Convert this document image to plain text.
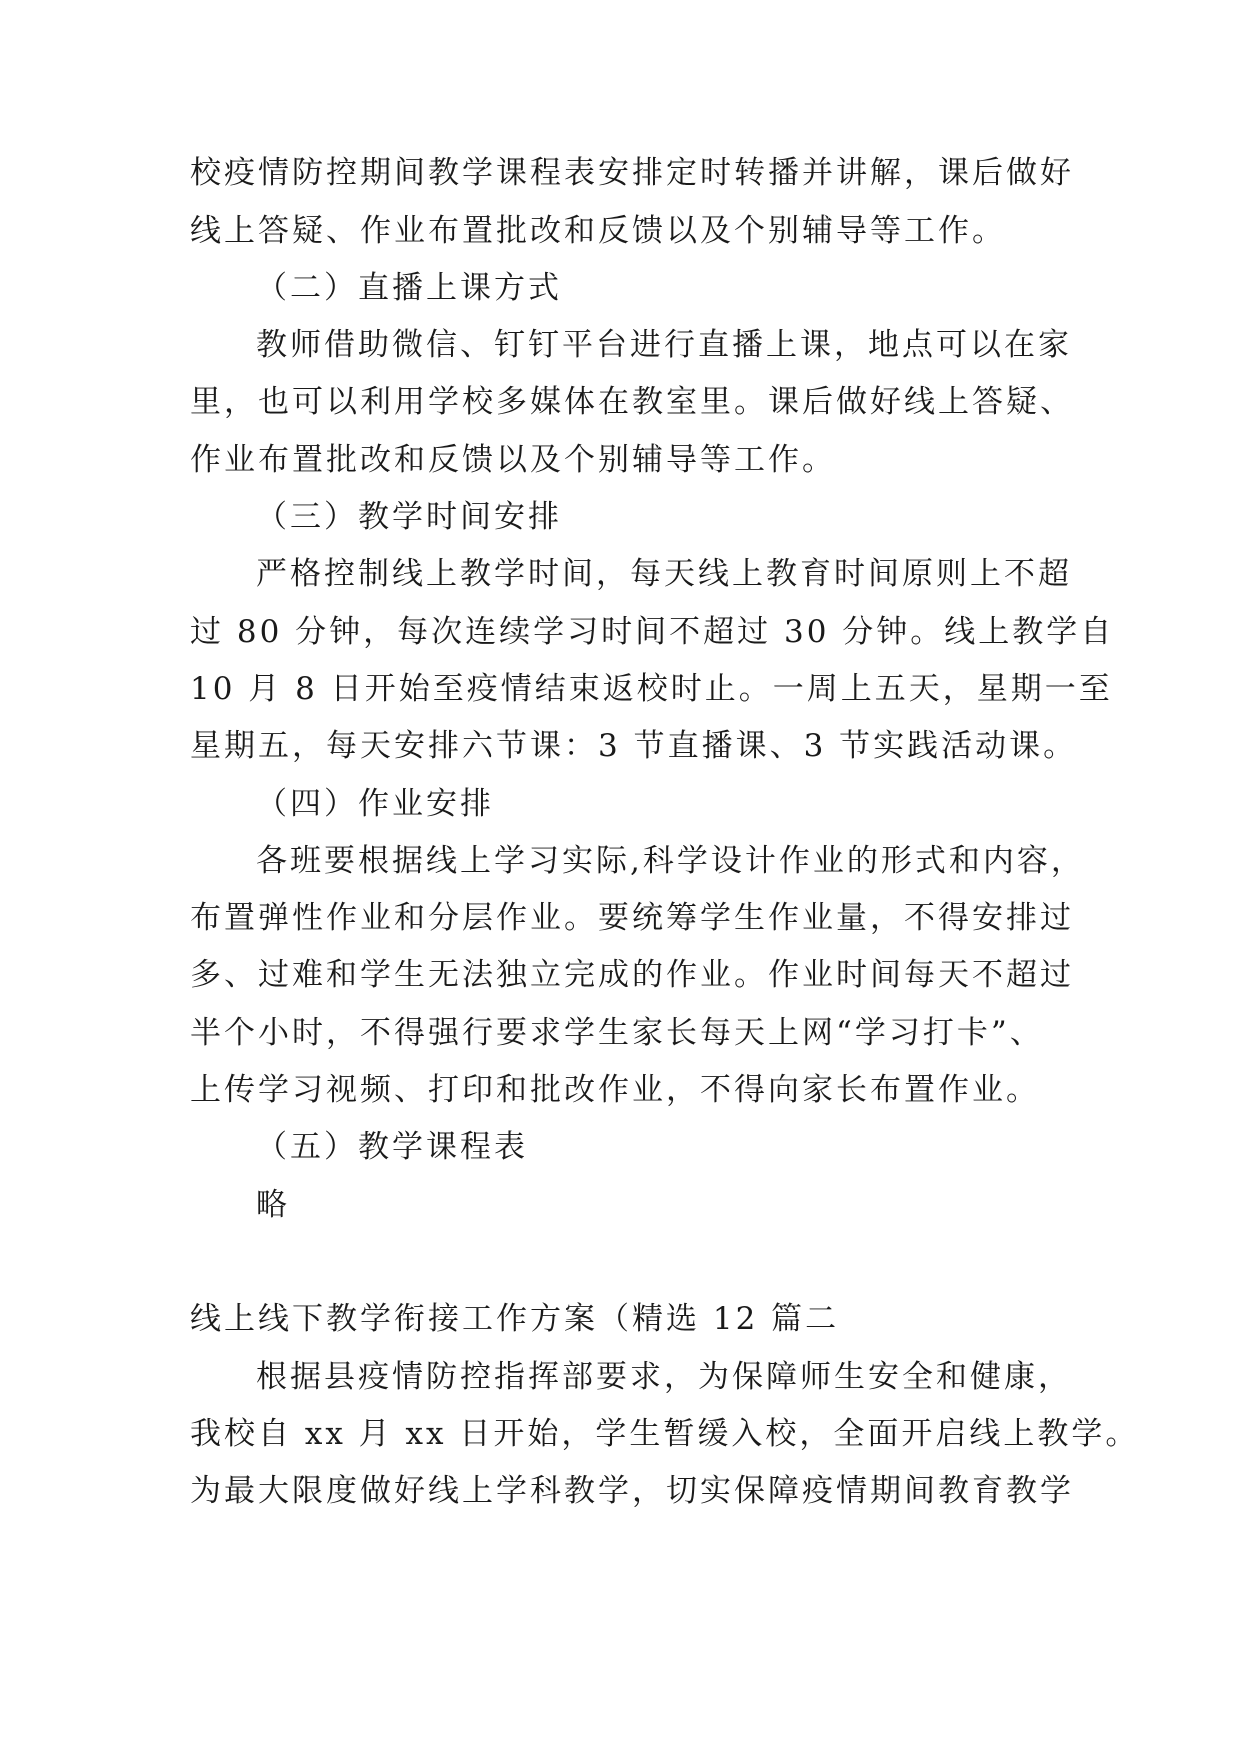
校疫情防控期间教学课程表安排定时转播并讲解，课后做好
线上答疑、作业布置批改和反馈以及个别辅导等工作。
（二）直播上课方式
教师借助微信、钉钉平台进行直播上课，地点可以在家
里，也可以利用学校多媒体在教室里。课后做好线上答疑、
作业布置批改和反馈以及个别辅导等工作。
（三）教学时间安排
严格控制线上教学时间，每天线上教育时间原则上不超
过 80 分钟，每次连续学习时间不超过 30 分钟。线上教学自
10 月 8 日开始至疫情结束返校时止。一周上五天，星期一至
星期五，每天安排六节课：3 节直播课、3 节实践活动课。
（四）作业安排
各班要根据线上学习实际,科学设计作业的形式和内容，
布置弹性作业和分层作业。要统筹学生作业量，不得安排过
多、过难和学生无法独立完成的作业。作业时间每天不超过
半个小时，不得强行要求学生家长每天上网“学习打卡”、
上传学习视频、打印和批改作业，不得向家长布置作业。
（五）教学课程表
略
线上线下教学衔接工作方案（精选 12 篇二
根据县疫情防控指挥部要求，为保障师生安全和健康，
我校自 xx 月 xx 日开始，学生暂缓入校，全面开启线上教学。
为最大限度做好线上学科教学，切实保障疫情期间教育教学
